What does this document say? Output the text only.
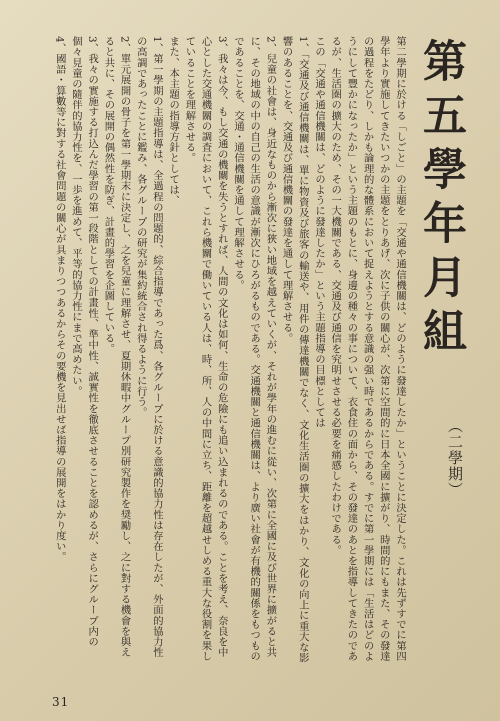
第五學年月組
（二學期）

第二學期に於ける「しごと」の主題を「交通や通信機關は、どのように發達したか」ということに決定した。これは先ずすでに第四學年より實施してきたいつかの主題をとりあげ、次に子供の關心が、次第に空間的に日本全國に擴がり、時間的にもまた、その發達の過程をたどり、しかも論理的な體系において捉えようとする意識の强い時であるからである。すでに第一學期には「生活はどのようにして豐かになったか」という主題のもとに、身邊の種々の事について、衣食住の面から、その發達のあとを指導してきたのであるが、生活圏の擴大のため、その一大機關である、交通及び通信を究明せさせる必要を痛感したわけである。

この「交通や通信機關は、どのように發達したか」という主題指導の目標としては

1、「交通及び通信機關は、單に物資及び旅客の輸送や、用件の傳達機關でなく、文化生活圏の擴大をはかり、文化の向上に重大な影響のあることを、交通及び通信機關の發達を通して理解させる。

2、兒童の社會は、身近なものから漸次に狹い地域を越えていくが、それが學年の進むに從い、次第に全國に及び世界に擴がると共に、その地域の中の自己の生活の意識が漸次にひろがるものである。交通機關と通信機關は、より廣い社會が有機的關係をもつものであることを、交通・通信機關を通して理解させる。

3、我々は今、もし交通の機關を失うとすれば、人間の文化は如何、生命の危險にも追い込まれるのである。ことを考え、奈良を中心とした交通機關の調査において、これら機關で働いている人は、時、所、人の中間に立ち、距離を超越せしめる重大な役割を果していることを理解させる。

また、本主題の指導方針としては、

1、第一學期の主題指導は、全過程の問題的、綜合指導であった爲、各グループに於ける意識的協力性は存在したが、外面的協力性の高調であったことに鑑み、各グループの研究が集約統合され得るように行う。

2、單元展開の骨子を第一學期末に決定し、之を兒童に理解させ、夏期休暇中グループ別研究製作を奨勵し、之に對する機會を與えると共に、その展開の偶然性を防ぎ、計畫的學習を企圖している。

3、我々の實施する打込んだ學習の第一段階としての計畫性、準中性、誠實性を徹底させることを認めるが、さらにグループ内の個々見童の隨伴的協力性を、一歩を進めて、平等的協力性にまで高めたい。

4、國語・算數等に對する社會問題の關心が具まりつつあるからその要機を見出せば指導の展開をはかり度い。

31
